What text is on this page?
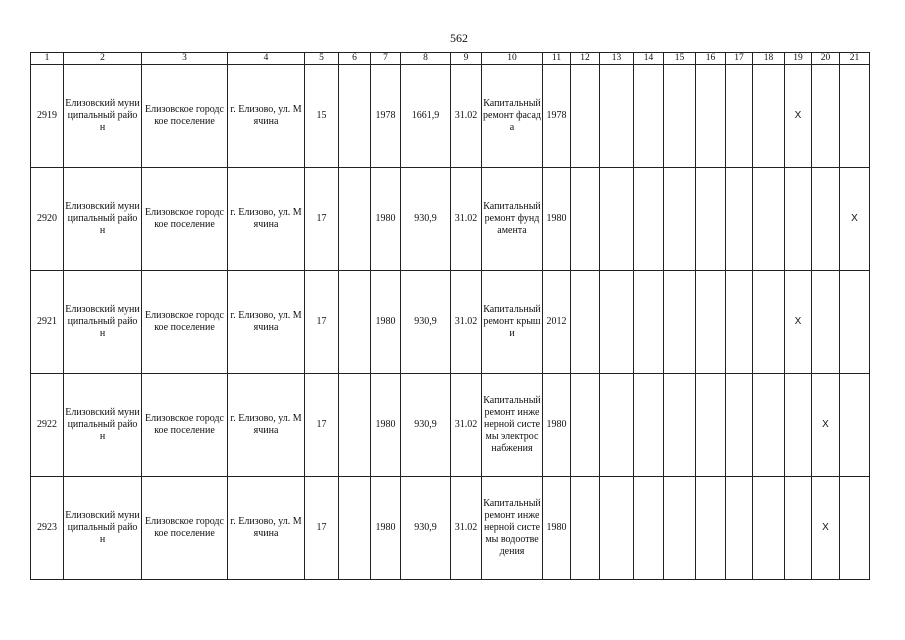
562
1	2	3	4	5	6	7	8	9	10	11	12	13	14	15	16	17	18	19	20	21
2919	Елизовский муниципальный район	Елизовское городское поселение	г. Елизово, ул. Мячина	15		1978	1661,9	31.02	Капитальный ремонт фасада	1978								X		
2920	Елизовский муниципальный район	Елизовское городское поселение	г. Елизово, ул. Мячина	17		1980	930,9	31.02	Капитальный ремонт фундамента	1980										X
2921	Елизовский муниципальный район	Елизовское городское поселение	г. Елизово, ул. Мячина	17		1980	930,9	31.02	Капитальный ремонт крыши	2012								X		
2922	Елизовский муниципальный район	Елизовское городское поселение	г. Елизово, ул. Мячина	17		1980	930,9	31.02	Капитальный ремонт инженерной системы электроснабжения	1980									X	
2923	Елизовский муниципальный район	Елизовское городское поселение	г. Елизово, ул. Мячина	17		1980	930,9	31.02	Капитальный ремонт инженерной системы водоотведения	1980									X	
